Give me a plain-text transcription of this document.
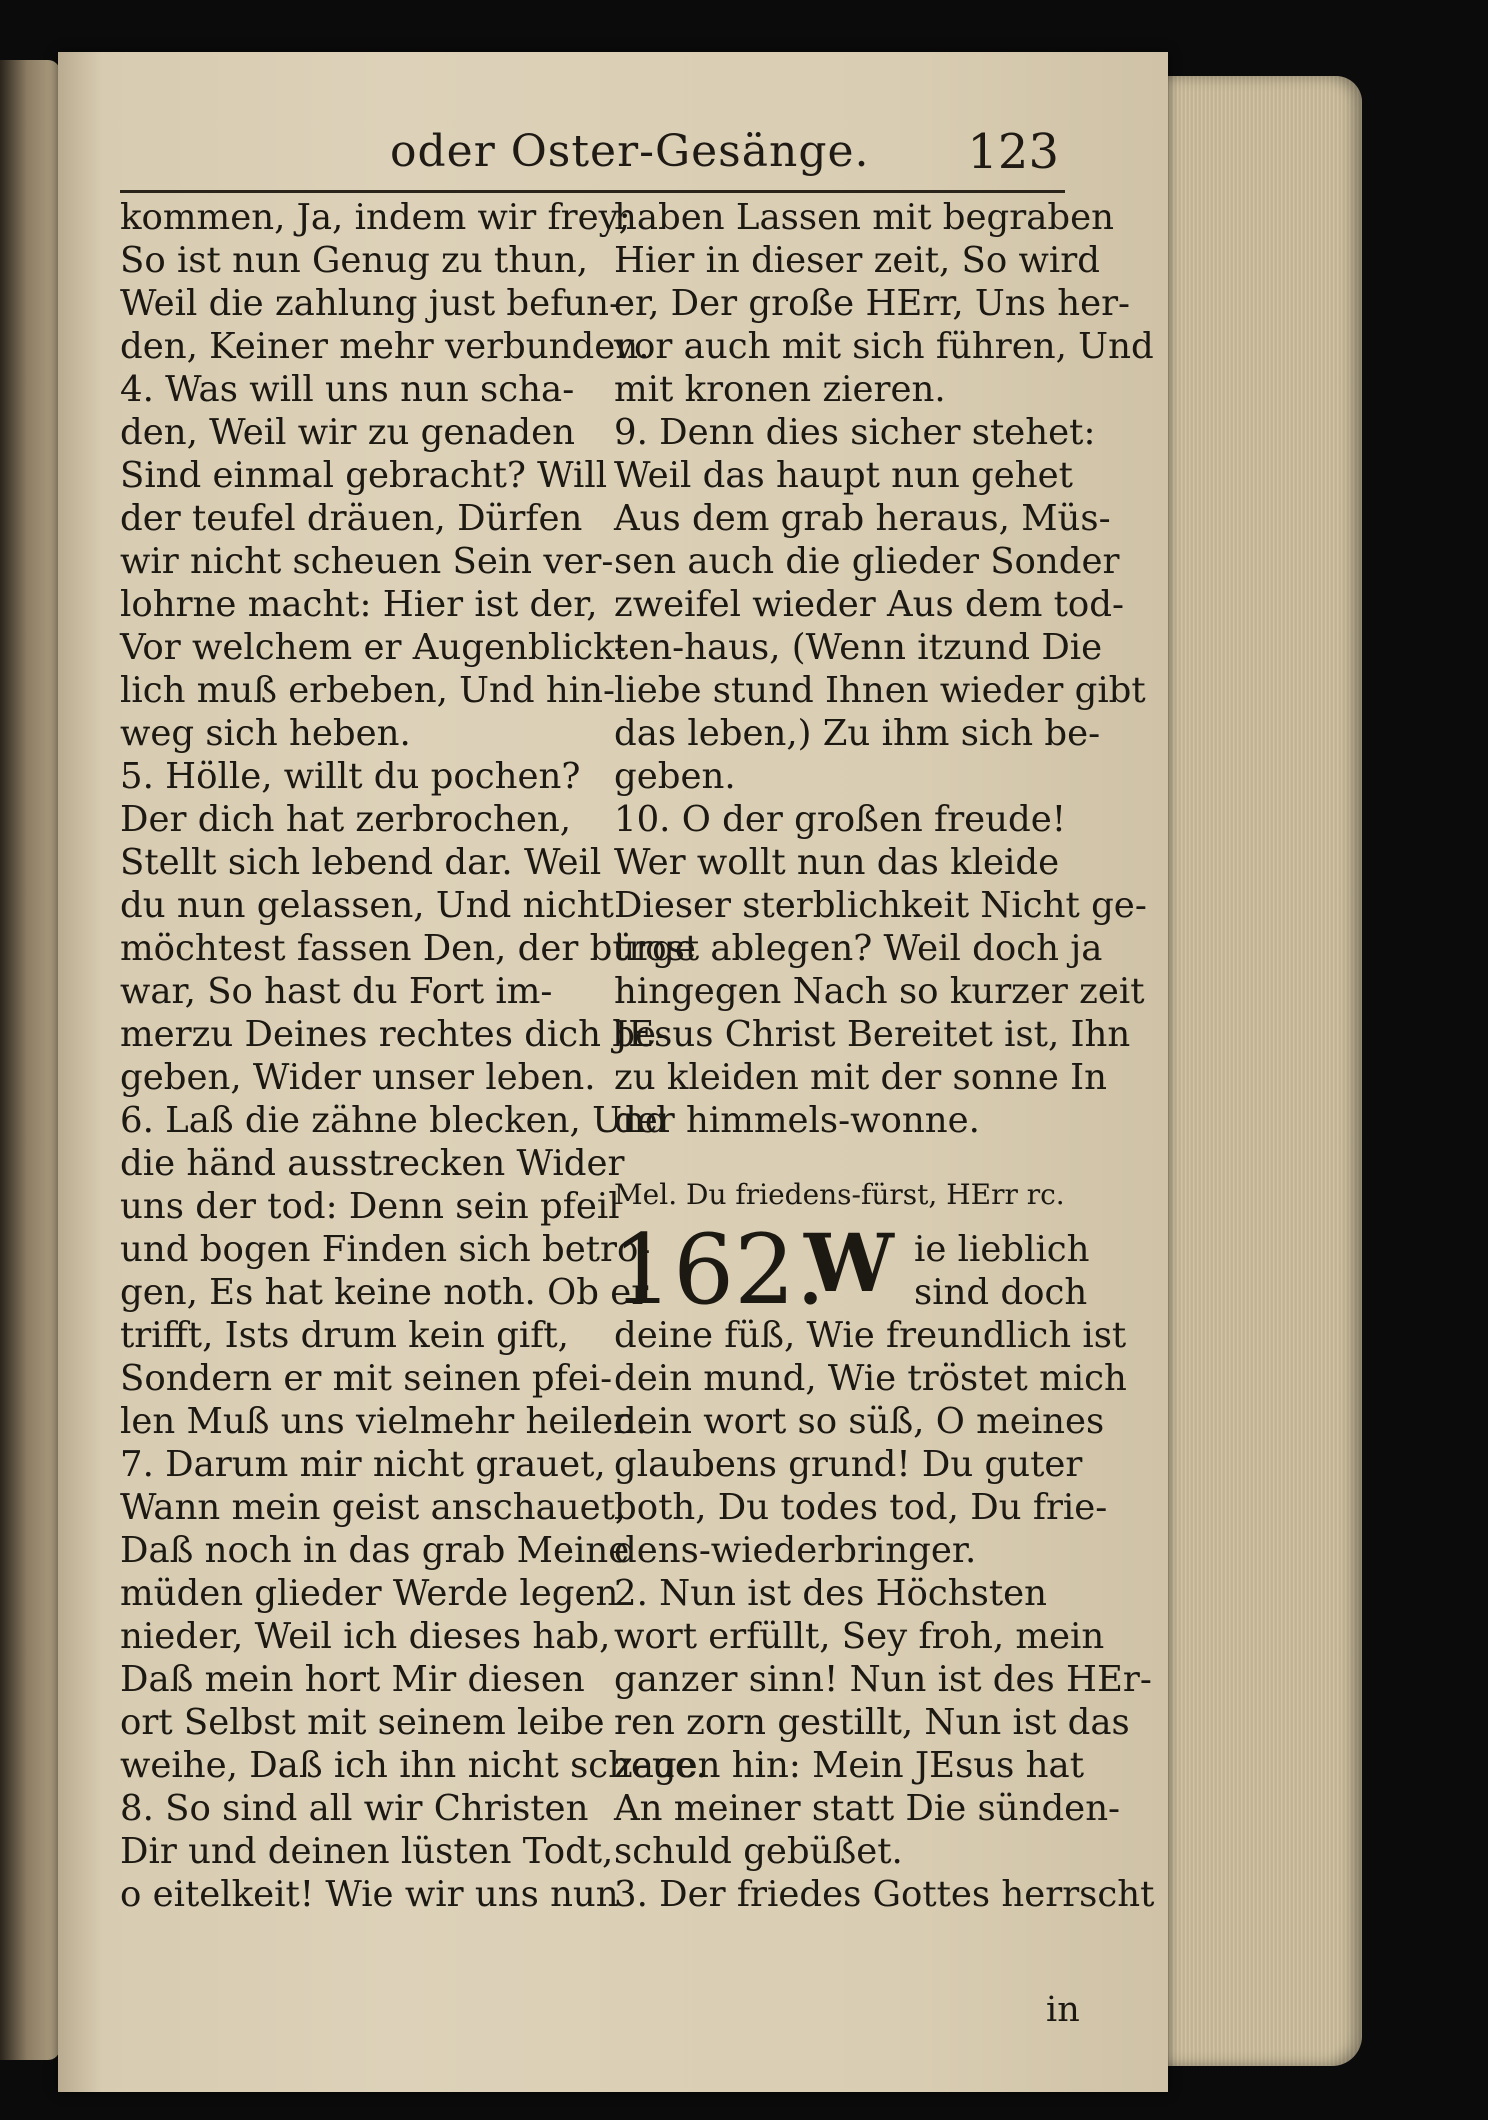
oder Oster-Gesänge. 123
kommen, Ja, indem wir frey;
So ist nun Genug zu thun,
Weil die zahlung just befun-
den, Keiner mehr verbunden.
4. Was will uns nun scha-
den, Weil wir zu genaden
Sind einmal gebracht? Will
der teufel dräuen, Dürfen
wir nicht scheuen Sein ver-
lohrne macht: Hier ist der,
Vor welchem er Augenblick-
lich muß erbeben, Und hin-
weg sich heben.
5. Hölle, willt du pochen?
Der dich hat zerbrochen,
Stellt sich lebend dar. Weil
du nun gelassen, Und nicht
möchtest fassen Den, der bürge
war, So hast du Fort im-
merzu Deines rechtes dich be-
geben, Wider unser leben.
6. Laß die zähne blecken, Und
die händ ausstrecken Wider
uns der tod: Denn sein pfeil
und bogen Finden sich betro-
gen, Es hat keine noth. Ob er
trifft, Ists drum kein gift,
Sondern er mit seinen pfei-
len Muß uns vielmehr heilen.
7. Darum mir nicht grauet,
Wann mein geist anschauet,
Daß noch in das grab Meine
müden glieder Werde legen
nieder, Weil ich dieses hab,
Daß mein hort Mir diesen
ort Selbst mit seinem leibe
weihe, Daß ich ihn nicht scheue.
8. So sind all wir Christen
Dir und deinen lüsten Todt,
o eitelkeit! Wie wir uns nun
haben Lassen mit begraben
Hier in dieser zeit, So wird
er, Der große HErr, Uns her-
vor auch mit sich führen, Und
mit kronen zieren.
9. Denn dies sicher stehet:
Weil das haupt nun gehet
Aus dem grab heraus, Müs-
sen auch die glieder Sonder
zweifel wieder Aus dem tod-
ten-haus, (Wenn itzund Die
liebe stund Ihnen wieder gibt
das leben,) Zu ihm sich be-
geben.
10. O der großen freude!
Wer wollt nun das kleide
Dieser sterblichkeit Nicht ge-
trost ablegen? Weil doch ja
hingegen Nach so kurzer zeit
JEsus Christ Bereitet ist, Ihn
zu kleiden mit der sonne In
der himmels-wonne.
Mel. Du friedens-fürst, HErr rc.
162.
W ie lieblich
sind doch
deine füß, Wie freundlich ist
dein mund, Wie tröstet mich
dein wort so süß, O meines
glaubens grund! Du guter
both, Du todes tod, Du frie-
dens-wiederbringer.
2. Nun ist des Höchsten
wort erfüllt, Sey froh, mein
ganzer sinn! Nun ist des HEr-
ren zorn gestillt, Nun ist das
zagen hin: Mein JEsus hat
An meiner statt Die sünden-
schuld gebüßet.
3. Der friedes Gottes herrscht
in
